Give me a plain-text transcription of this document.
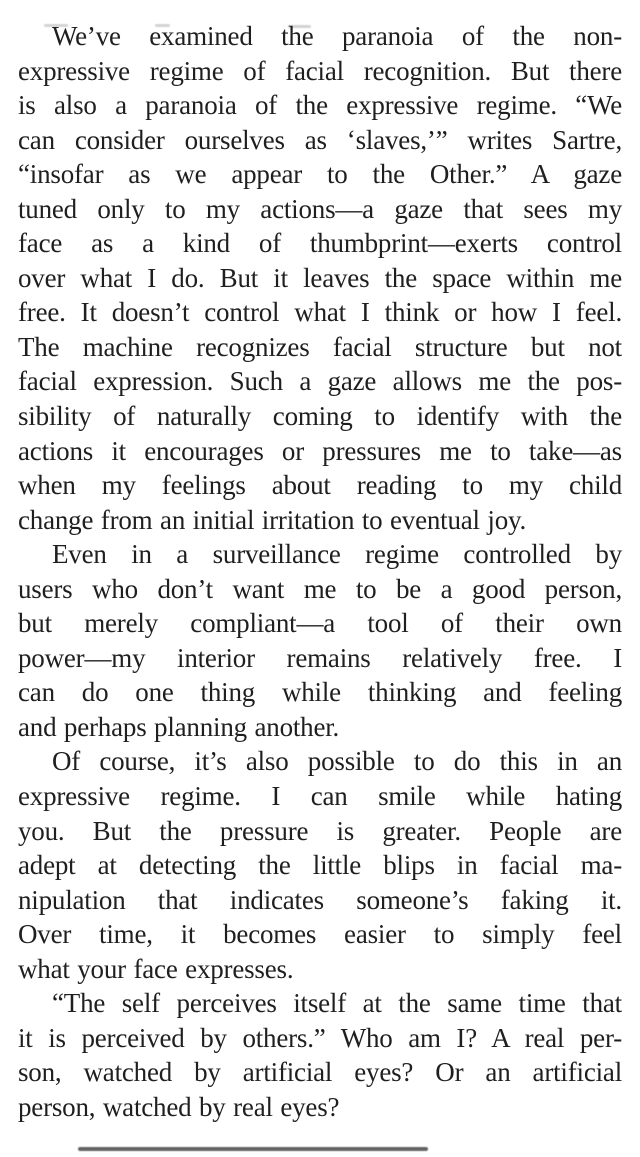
We’ve examined the paranoia of the non-
expressive regime of facial recognition. But there
is also a paranoia of the expressive regime. “We
can consider ourselves as ‘slaves,’” writes Sartre,
“insofar as we appear to the Other.” A gaze
tuned only to my actions—a gaze that sees my
face as a kind of thumbprint—exerts control
over what I do. But it leaves the space within me
free. It doesn’t control what I think or how I feel.
The machine recognizes facial structure but not
facial expression. Such a gaze allows me the pos-
sibility of naturally coming to identify with the
actions it encourages or pressures me to take—as
when my feelings about reading to my child
change from an initial irritation to eventual joy.
Even in a surveillance regime controlled by
users who don’t want me to be a good person,
but merely compliant—a tool of their own
power—my interior remains relatively free. I
can do one thing while thinking and feeling
and perhaps planning another.
Of course, it’s also possible to do this in an
expressive regime. I can smile while hating
you. But the pressure is greater. People are
adept at detecting the little blips in facial ma-
nipulation that indicates someone’s faking it.
Over time, it becomes easier to simply feel
what your face expresses.
“The self perceives itself at the same time that
it is perceived by others.” Who am I? A real per-
son, watched by artificial eyes? Or an artificial
person, watched by real eyes?
